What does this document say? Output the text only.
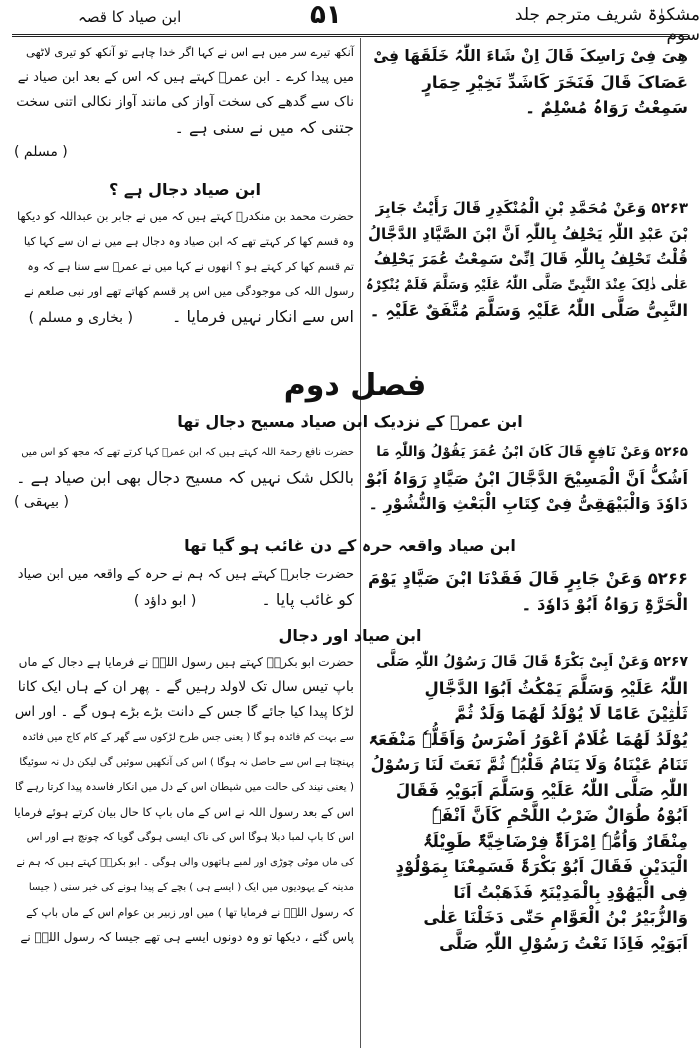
ابن صیاد کا قصہ	۵۱	مشکوٰۃ شریف مترجم جلد سوم

آنکھ تیرے سر میں ہے اس نے کہا اگر خدا چاہے تو آنکھ کو تیری لاٹھی

میں پیدا کرے ۔ ابن عمرؓ کہتے ہیں کہ اس کے بعد ابن صیاد نے

ناک سے گدھے کی سخت آواز کی مانند آواز نکالی اتنی سخت

جتنی کہ میں نے سنی ہے ۔

( مسلم )

ھِیَ فِیْ رَاسِکَ قَالَ اِنْ شَاءَ اللّٰہُ خَلَقَھَا فِیْ

عَصَاکَ قَالَ فَنَخَرَ کَاشَدِّ نَخِیْرِ حِمَارٍ

سَمِعْتُ رَوَاہُ مُسْلِمٌ ۔

ابن صیاد دجال ہے ؟

حضرت محمد بن منکدرؓ کہتے ہیں کہ میں نے جابر بن عبداللہ کو دیکھا

وہ قسم کھا کر کہتے تھے کہ ابن صیاد وہ دجال ہے میں نے ان سے کہا کیا

تم قسم کھا کر کہتے ہو ؟ انھوں نے کہا میں نے عمرؓ سے سنا ہے کہ وہ

رسول اللہ کی موجودگی میں اس پر قسم کھاتے تھے اور نبی صلعم نے

اس سے انکار نہیں فرمایا ۔ ( بخاری و مسلم )

۵۲۶۳ وَعَنْ مُحَمَّدِ بْنِ الْمُنْکَدِرِ قَالَ رَأَیْتُ جَابِرَ

بْنَ عَبْدِ اللّٰہِ یَحْلِفُ بِاللّٰہِ اَنَّ ابْنَ الصَّیَّادِ الدَّجَّالُ

قُلْتُ تَحْلِفُ بِاللّٰہِ قَالَ اِنِّیْ سَمِعْتُ عُمَرَ یَحْلِفُ

عَلٰی ذٰلِکَ عِنْدَ النَّبِیِّ صَلَّی اللّٰہُ عَلَیْہِ وَسَلَّمَ فَلَمْ یُنْکِرْہُ

النَّبِیُّ صَلَّی اللّٰہُ عَلَیْہِ وَسَلَّمَ مُتَّفَقٌ عَلَیْہِ ۔

فصل دوم
ابن عمرؓ کے نزدیک ابن صیاد مسیح دجال تھا

حضرت نافع رحمۃ اللہ کہتے ہیں کہ ابن عمرؓ کہا کرتے تھے کہ مجھ کو اس میں

بالکل شک نہیں کہ مسیح دجال بھی ابن صیاد ہے ۔

( بیہقی )

۵۲۶۵ وَعَنْ نَافِعٍ قَالَ کَانَ ابْنُ عُمَرَ یَقُوْلُ وَاللّٰہِ مَا

اَشُکُّ اَنَّ الْمَسِیْحَ الدَّجَّالَ ابْنُ صَیَّادٍ رَوَاہُ اَبُوْ

دَاوٗدَ وَالْبَیْھَقِیُّ فِیْ کِتَابِ الْبَعْثِ وَالنُّشُوْرِ ۔

ابن صیاد واقعہ حرہ کے دن غائب ہو گیا تھا

حضرت جابرؓ کہتے ہیں کہ ہم نے حرہ کے واقعہ میں ابن صیاد

کو غائب پایا ۔ ( ابو داؤد )

۵۲۶۶ وَعَنْ جَابِرٍ قَالَ فَقَدْنَا ابْنَ صَیَّادٍ یَوْمَ

الْحَرَّۃِ رَوَاہُ اَبُوْ دَاوٗدَ ۔

ابن صیاد اور دجال

حضرت ابو بکرہؓ کہتے ہیں رسول اللہؐ نے فرمایا ہے دجال کے ماں

باپ تیس سال تک لاولد رہیں گے ۔ پھر ان کے ہاں ایک کانا

لڑکا پیدا کیا جائے گا جس کے دانت بڑے بڑے ہوں گے ۔ اور اس

سے بہت کم فائدہ ہو گا ( یعنی جس طرح لڑکوں سے گھر کے کام کاج میں فائدہ

پہنچتا ہے اس سے حاصل نہ ہوگا ) اس کی آنکھیں سوئیں گی لیکن دل نہ سوئیگا

( یعنی نیند کی حالت میں شیطان اس کے دل میں انکار فاسدہ پیدا کرتا رہے گا

اس کے بعد رسول اللہ نے اس کے ماں باپ کا حال بیان کرتے ہوئے فرمایا

اس کا باپ لمبا دبلا ہوگا اس کی ناک ایسی ہوگی گویا کہ چونچ ہے اور اس

کی ماں موٹی چوڑی اور لمبے ہاتھوں والی ہوگی ۔ ابو بکرہؓ کہتے ہیں کہ ہم نے

مدینہ کے یہودیوں میں ایک ( ایسے ہی ) بچے کے پیدا ہونے کی خبر سنی ( جیسا

کہ رسول اللہؐ نے فرمایا تھا ) میں اور زبیر بن عوام اس کے ماں باپ کے

پاس گئے ، دیکھا تو وہ دونوں ایسے ہی تھے جیسا کہ رسول اللہؐ نے

۵۲۶۷ وَعَنْ اَبِیْ بَکْرَۃَ قَالَ قَالَ رَسُوْلُ اللّٰہِ صَلَّی

اللّٰہُ عَلَیْہِ وَسَلَّمَ یَمْکُثُ اَبُوَا الدَّجَّالِ

ثَلٰثِیْنَ عَامًا لَا یُوْلَدُ لَھُمَا وَلَدٌ ثُمَّ

یُوْلَدُ لَھُمَا غُلَامٌ اَعْوَرُ اَضْرَسُ وَاَقَلُّہٗ مَنْفَعَۃً

تَنَامُ عَیْنَاہُ وَلَا یَنَامُ قَلْبُہٗ ثُمَّ نَعَتَ لَنَا رَسُوْلُ

اللّٰہِ صَلَّی اللّٰہُ عَلَیْہِ وَسَلَّمَ اَبَوَیْہِ فَقَالَ

اَبُوْہُ طُوَالٌ ضَرْبُ اللَّحْمِ کَاَنَّ اَنْفَہٗ

مِنْقَارٌ وَاُمُّہٗ اِمْرَاَۃٌ فِرْضَاخِیَّۃٌ طَوِیْلَۃُ

الْیَدَیْنِ فَقَالَ اَبُوْ بَکْرَۃَ فَسَمِعْنَا بِمَوْلُوْدٍ

فِی الْیَھُوْدِ بِالْمَدِیْنَۃِ فَذَھَبْتُ اَنَا

وَالزُّبَیْرُ بْنُ الْعَوَّامِ حَتّٰی دَخَلْنَا عَلٰی

اَبَوَیْہِ فَاِذَا نَعْتُ رَسُوْلِ اللّٰہِ صَلَّی
